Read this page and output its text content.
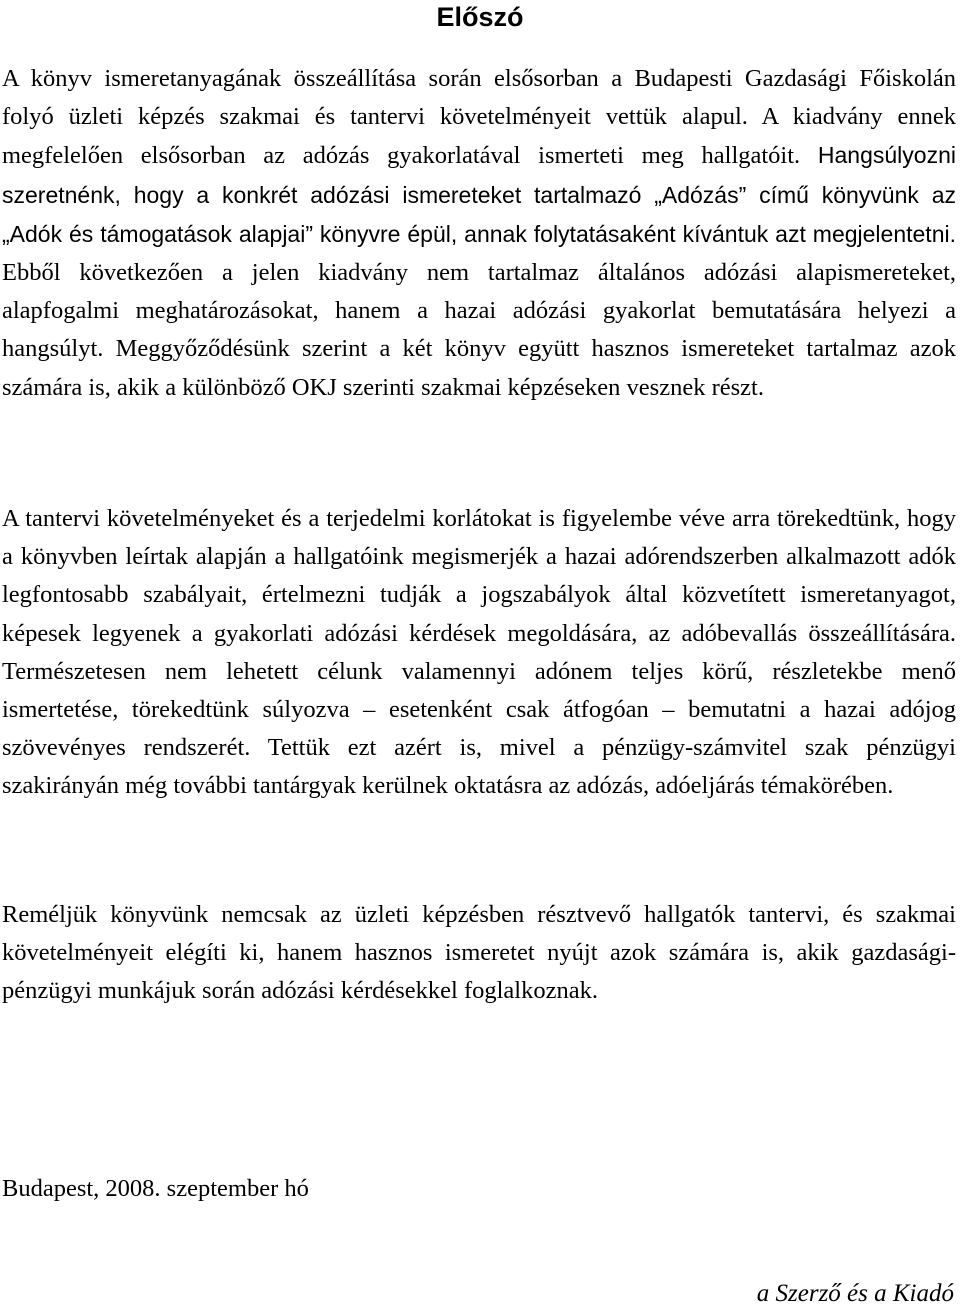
Előszó

A könyv ismeretanyagának összeállítása során elsősorban a Budapesti Gazdasági Főiskolán folyó üzleti képzés szakmai és tantervi követelményeit vettük alapul. A kiadvány ennek megfelelően elsősorban az adózás gyakorlatával ismerteti meg hallgatóit. Hangsúlyozni szeretnénk, hogy a konkrét adózási ismereteket tartalmazó „Adózás” című könyvünk az „Adók és támogatások alapjai” könyvre épül, annak folytatásaként kívántuk azt megjelentetni. Ebből következően a jelen kiadvány nem tartalmaz általános adózási alapismereteket, alapfogalmi meghatározásokat, hanem a hazai adózási gyakorlat bemutatására helyezi a hangsúlyt. Meggyőződésünk szerint a két könyv együtt hasznos ismereteket tartalmaz azok számára is, akik a különböző OKJ szerinti szakmai képzéseken vesznek részt.

A tantervi követelményeket és a terjedelmi korlátokat is figyelembe véve arra törekedtünk, hogy a könyvben leírtak alapján a hallgatóink megismerjék a hazai adórendszerben alkalmazott adók legfontosabb szabályait, értelmezni tudják a jogszabályok által közvetített ismeretanyagot, képesek legyenek a gyakorlati adózási kérdések megoldására, az adóbevallás összeállítására. Természetesen nem lehetett célunk valamennyi adónem teljes körű, részletekbe menő ismertetése, törekedtünk súlyozva – esetenként csak átfogóan – bemutatni a hazai adójog szövevényes rendszerét. Tettük ezt azért is, mivel a pénzügy-számvitel szak pénzügyi szakirányán még további tantárgyak kerülnek oktatásra az adózás, adóeljárás témakörében.

Reméljük könyvünk nemcsak az üzleti képzésben résztvevő hallgatók tantervi, és szakmai követelményeit elégíti ki, hanem hasznos ismeretet nyújt azok számára is, akik gazdasági-pénzügyi munkájuk során adózási kérdésekkel foglalkoznak.

Budapest, 2008. szeptember hó

a Szerző és a Kiadó
